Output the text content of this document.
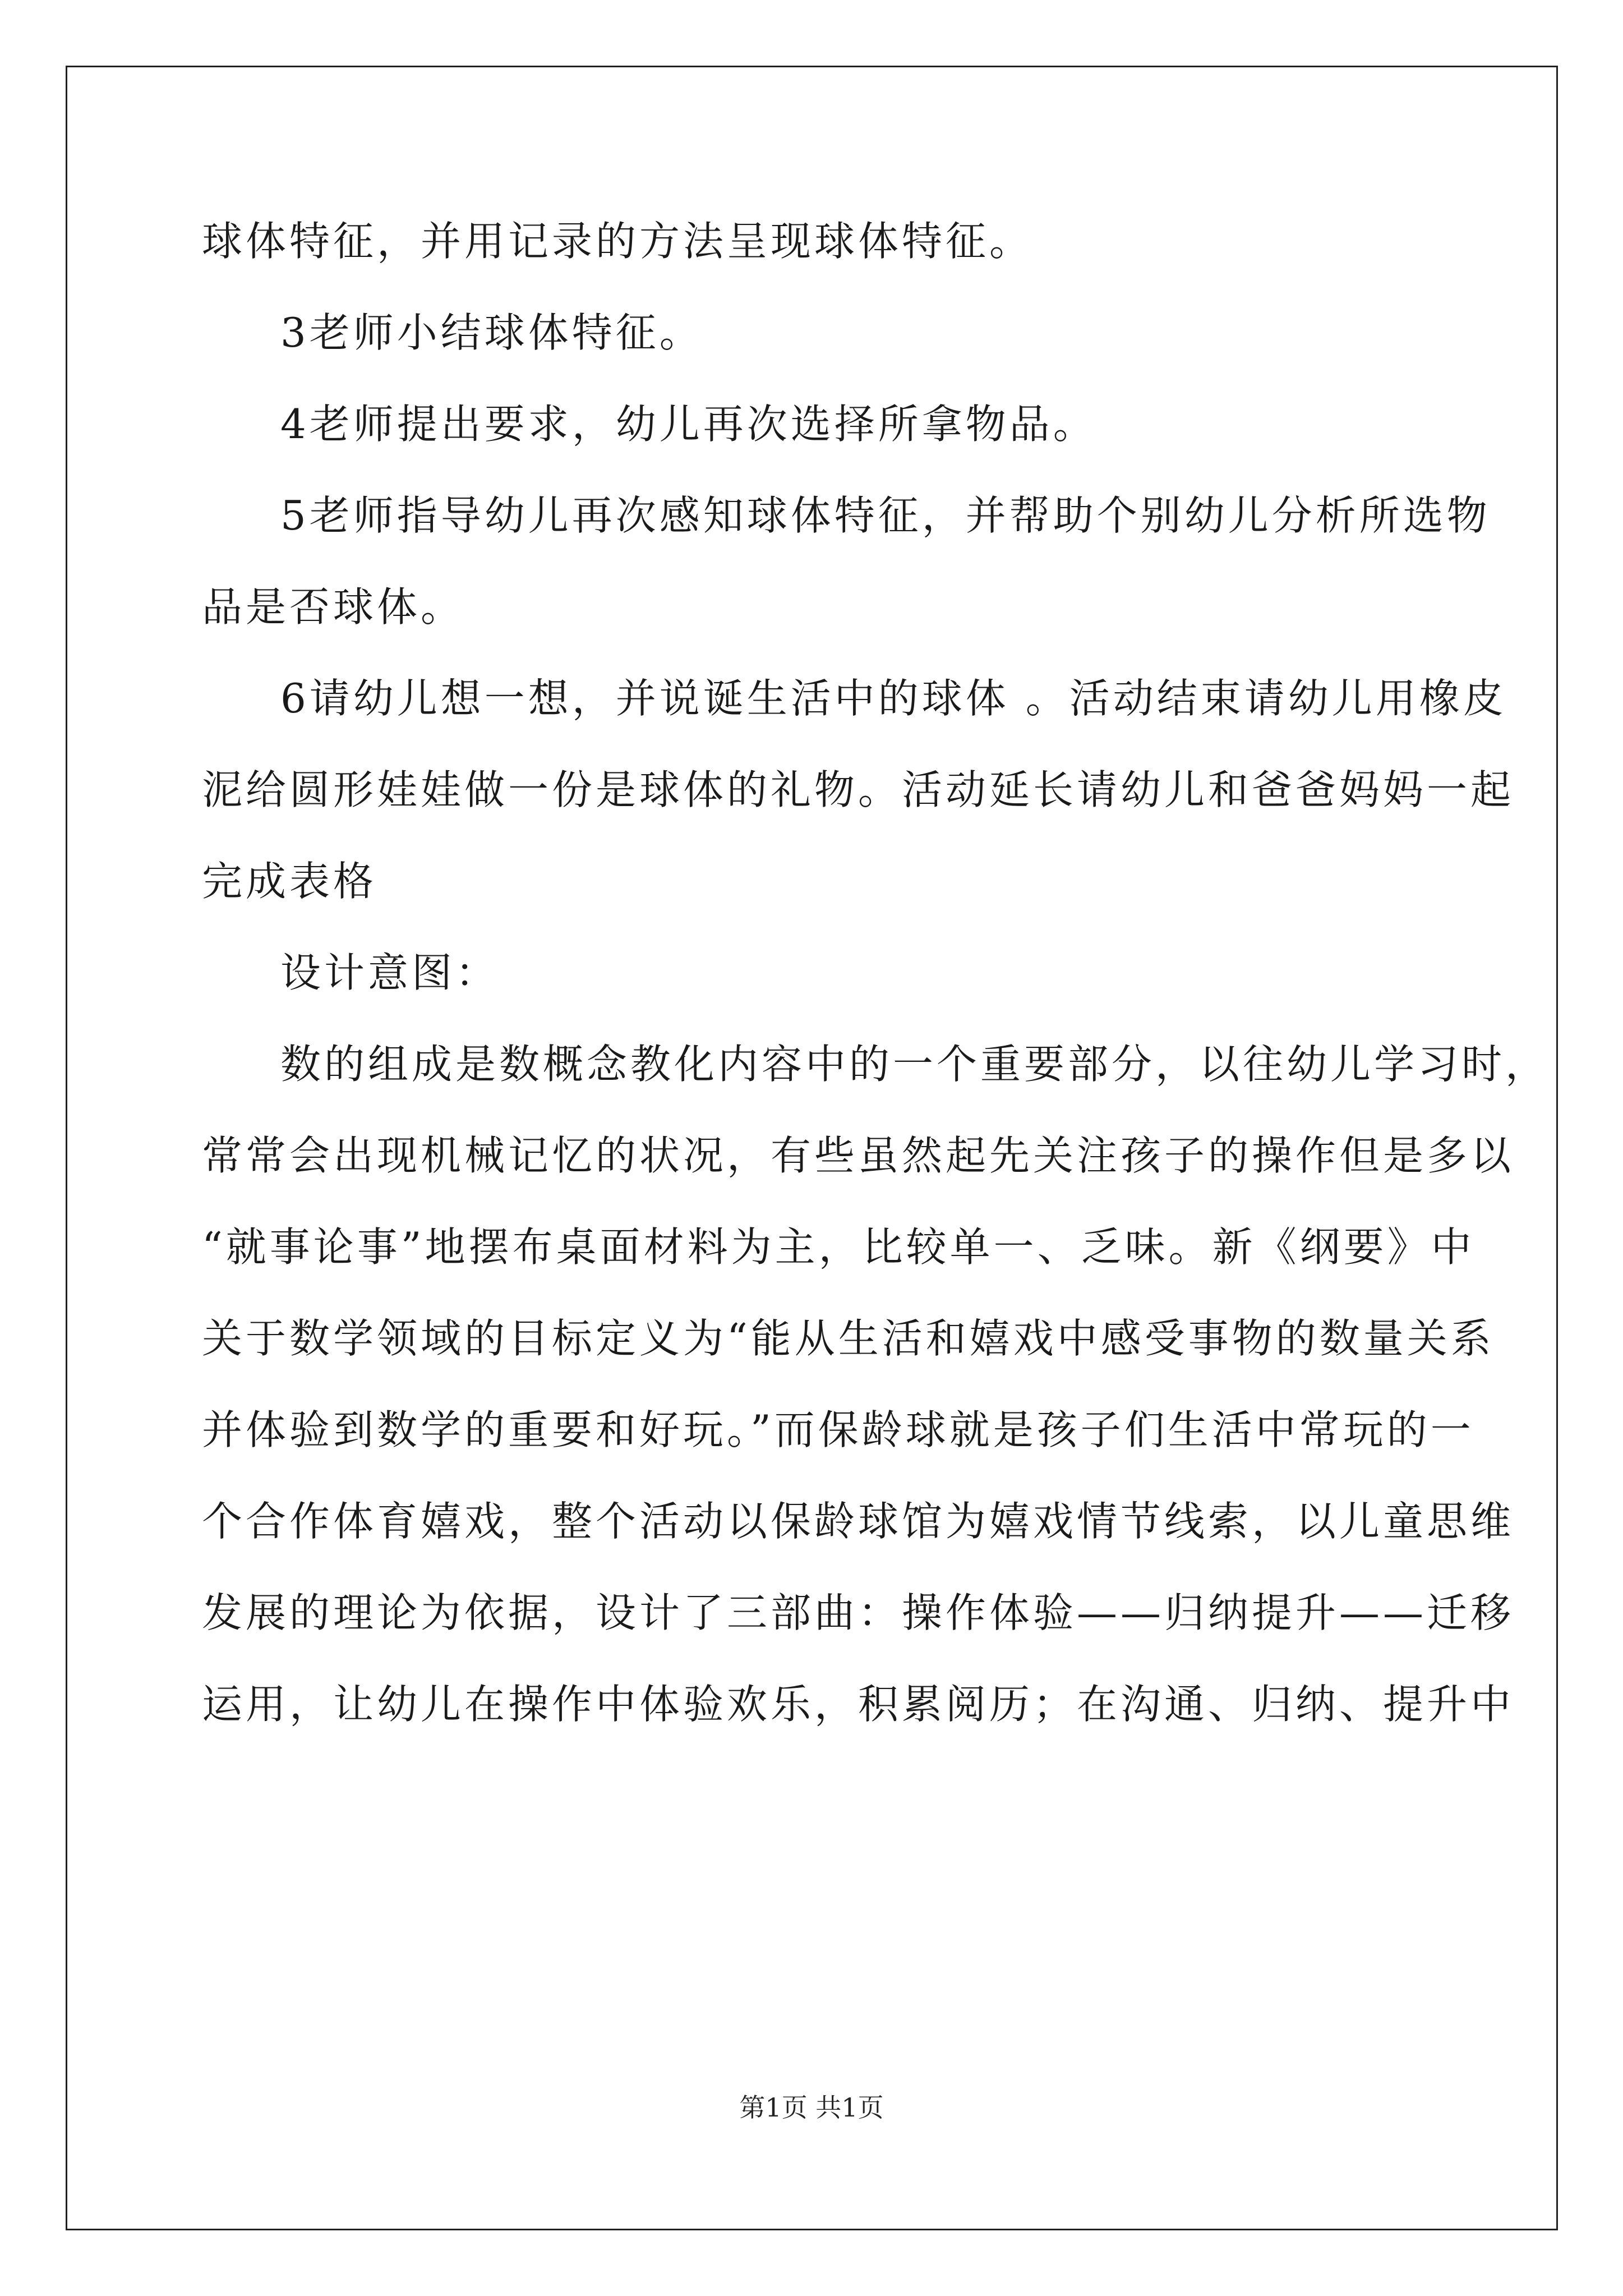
球体特征，并用记录的方法呈现球体特征。
3老师小结球体特征。
4老师提出要求，幼儿再次选择所拿物品。
5老师指导幼儿再次感知球体特征，并帮助个别幼儿分析所选物
品是否球体。
6请幼儿想一想，并说诞生活中的球体 。活动结束请幼儿用橡皮
泥给圆形娃娃做一份是球体的礼物。活动延长请幼儿和爸爸妈妈一起
完成表格
设计意图：
数的组成是数概念教化内容中的一个重要部分，以往幼儿学习时，
常常会出现机械记忆的状况，有些虽然起先关注孩子的操作但是多以
“就事论事”地摆布桌面材料为主，比较单一、乏味。新《纲要》中
关于数学领域的目标定义为“能从生活和嬉戏中感受事物的数量关系
并体验到数学的重要和好玩。”而保龄球就是孩子们生活中常玩的一
个合作体育嬉戏，整个活动以保龄球馆为嬉戏情节线索，以儿童思维
发展的理论为依据，设计了三部曲：操作体验——归纳提升——迁移
运用，让幼儿在操作中体验欢乐，积累阅历；在沟通、归纳、提升中
第1页 共1页
